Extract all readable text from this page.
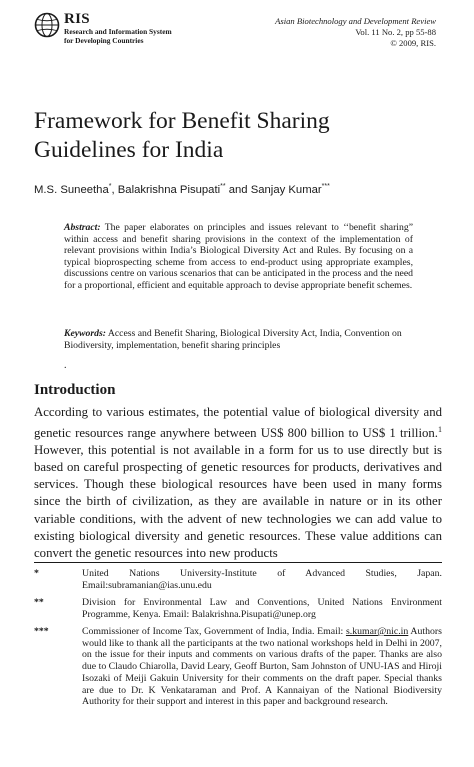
RIS
Research and Information System
for Developing Countries
Asian Biotechnology and Development Review
Vol. 11 No. 2, pp 55-88
© 2009, RIS.
Framework for Benefit Sharing
Guidelines for India
M.S. Suneetha*, Balakrishna Pisupati** and Sanjay Kumar***
Abstract: The paper elaborates on principles and issues relevant to ‘‘benefit sharing” within access and benefit sharing provisions in the context of the implementation of relevant provisions within India’s Biological Diversity Act and Rules. By focusing on a typical bioprospecting scheme from access to end-product using appropriate examples, discussions centre on various scenarios that can be anticipated in the process and the need for a proportional, efficient and equitable approach to devise appropriate benefit schemes.
Keywords: Access and Benefit Sharing, Biological Diversity Act, India, Convention on Biodiversity, implementation, benefit sharing principles
.
Introduction
According to various estimates, the potential value of biological diversity and genetic resources range anywhere between US$ 800 billion to US$ 1 trillion.$^1$ However, this potential is not available in a form for us to use directly but is based on careful prospecting of genetic resources for products, derivatives and services. Though these biological resources have been used in many forms since the birth of civilization, as they are available in nature or in its other variable conditions, with the advent of new technologies we can add value to existing biological diversity and genetic resources. These value additions can convert the genetic resources into new products
*	United Nations University-Institute of Advanced Studies, Japan. Email:subramanian@ias.unu.edu
**	Division for Environmental Law and Conventions, United Nations Environment Programme, Kenya. Email: Balakrishna.Pisupati@unep.org
***	Commissioner of Income Tax, Government of India, India. Email: s.kumar@nic.in Authors would like to thank all the participants at the two national workshops held in Delhi in 2007, on the issue for their inputs and comments on various drafts of the paper. Thanks are also due to Claudo Chiarolla, David Leary, Geoff Burton, Sam Johnston of UNU-IAS and Hiroji Isozaki of Meiji Gakuin University for their comments on the draft paper. Special thanks are due to Dr. K Venkataraman and Prof. A Kannaiyan of the National Biodiversity Authority for their support and interest in this paper and background research.
